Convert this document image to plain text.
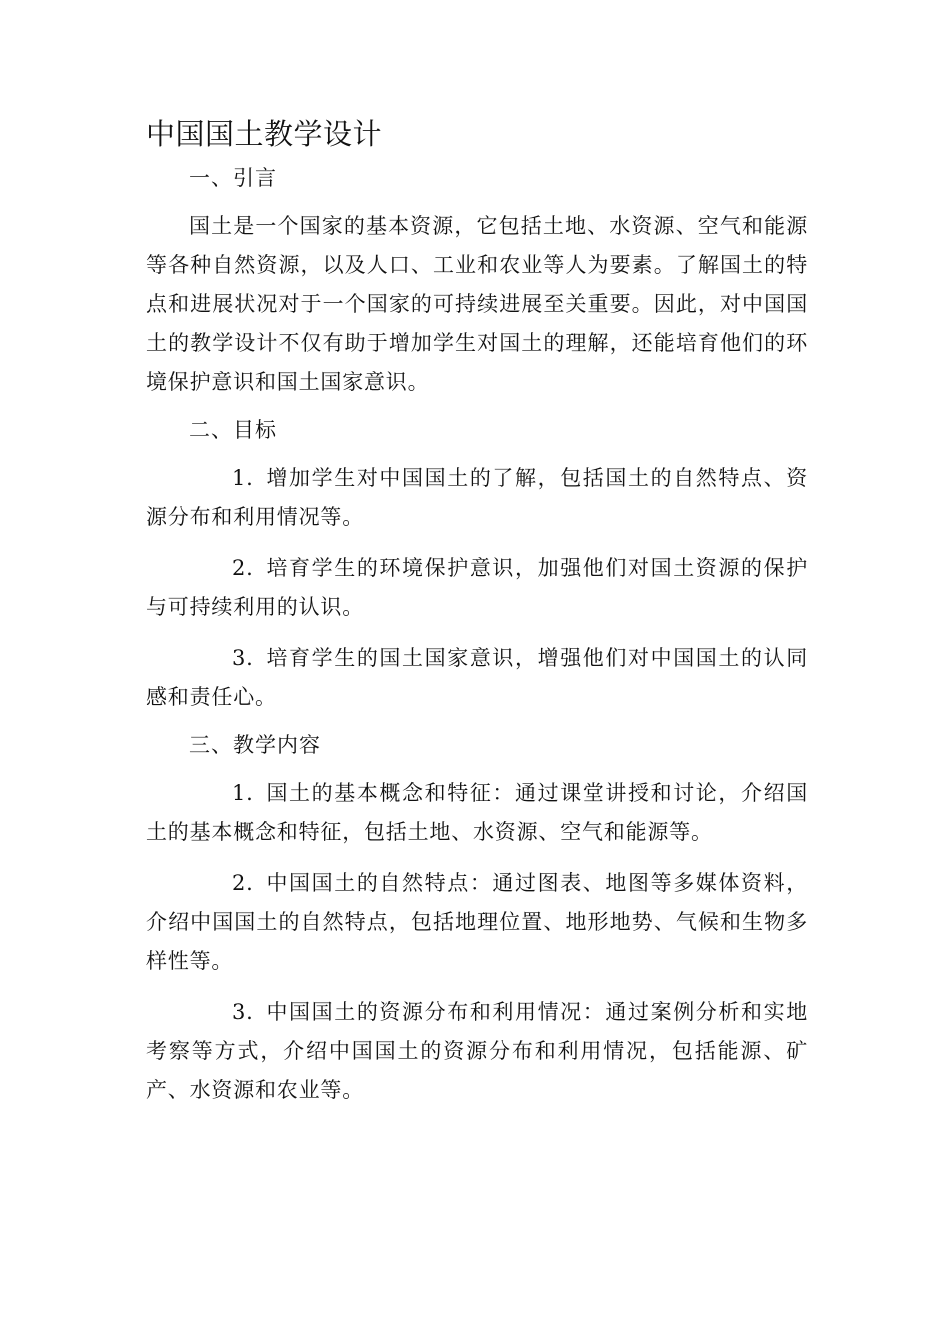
中国国土教学设计

一、引言

国土是一个国家的基本资源，它包括土地、水资源、空气和能源等各种自然资源，以及人口、工业和农业等人为要素。了解国土的特点和进展状况对于一个国家的可持续进展至关重要。因此，对中国国土的教学设计不仅有助于增加学生对国土的理解，还能培育他们的环境保护意识和国土国家意识。

二、目标

1. 增加学生对中国国土的了解，包括国土的自然特点、资源分布和利用情况等。

2. 培育学生的环境保护意识，加强他们对国土资源的保护与可持续利用的认识。

3. 培育学生的国土国家意识，增强他们对中国国土的认同感和责任心。

三、教学内容

1. 国土的基本概念和特征：通过课堂讲授和讨论，介绍国土的基本概念和特征，包括土地、水资源、空气和能源等。

2. 中国国土的自然特点：通过图表、地图等多媒体资料，介绍中国国土的自然特点，包括地理位置、地形地势、气候和生物多样性等。

3. 中国国土的资源分布和利用情况：通过案例分析和实地考察等方式，介绍中国国土的资源分布和利用情况，包括能源、矿产、水资源和农业等。
